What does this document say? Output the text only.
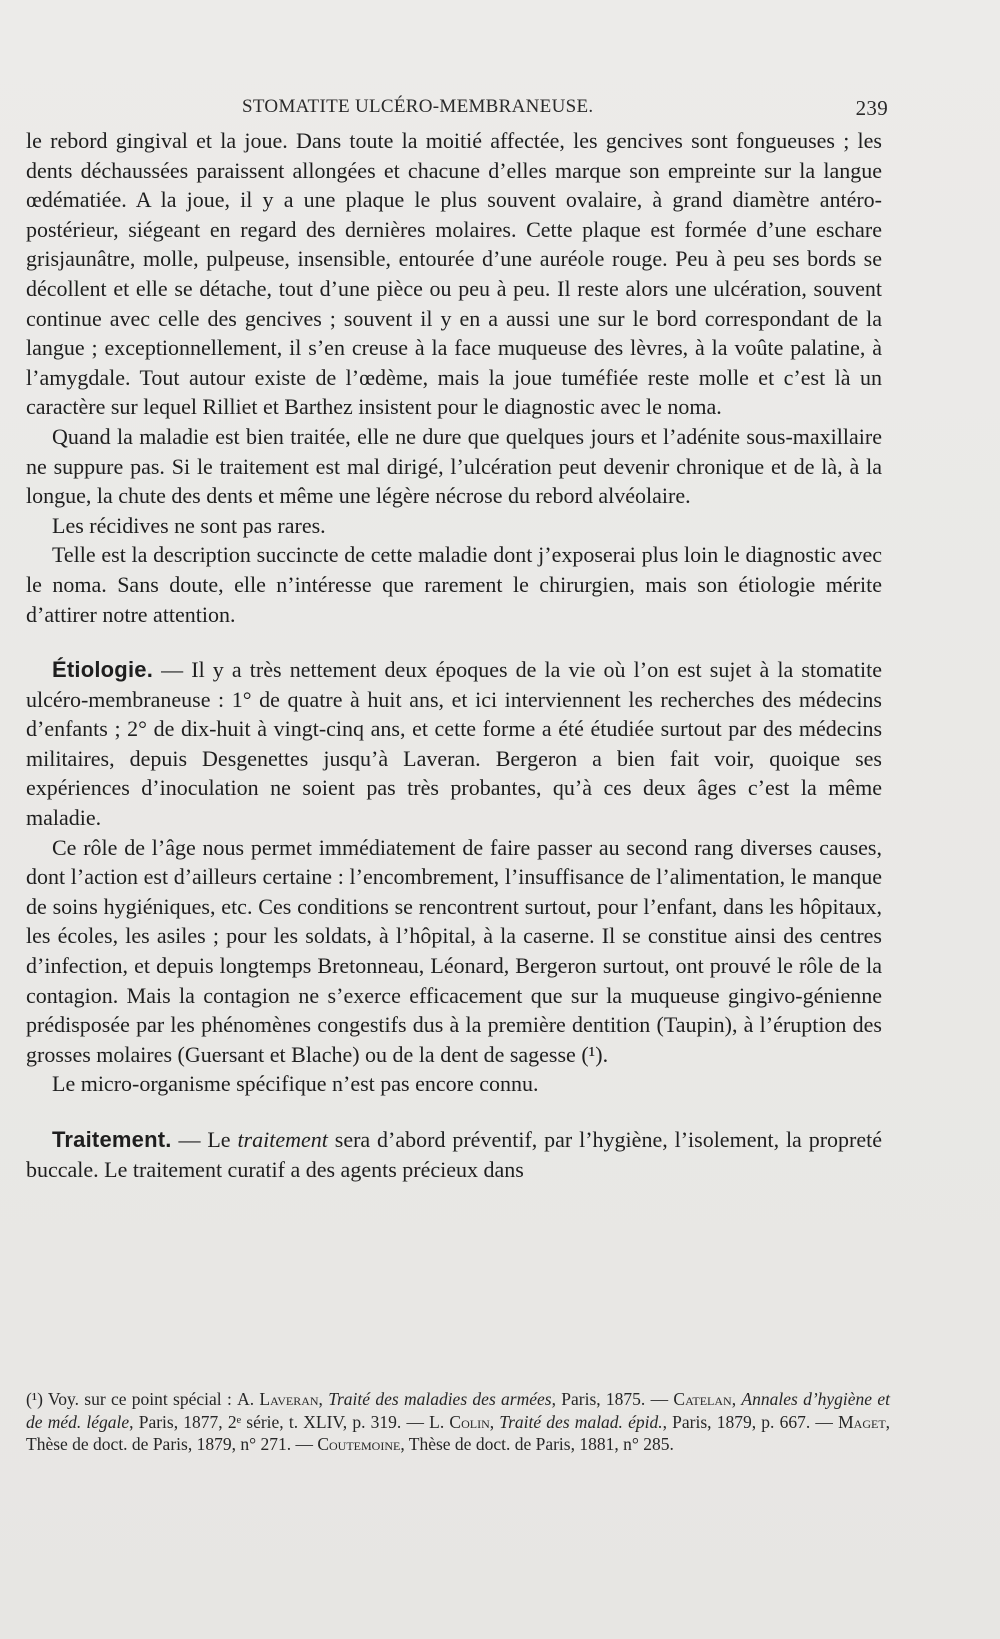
STOMATITE ULCÉRO-MEMBRANEUSE.	239

le rebord gingival et la joue. Dans toute la moitié affectée, les gencives sont fongueuses ; les dents déchaussées paraissent allongées et chacune d’elles marque son empreinte sur la langue œdématiée. A la joue, il y a une plaque le plus souvent ovalaire, à grand diamètre antéro-postérieur, siégeant en regard des dernières molaires. Cette plaque est formée d’une eschare grisjaunâtre, molle, pulpeuse, insensible, entourée d’une auréole rouge. Peu à peu ses bords se décollent et elle se détache, tout d’une pièce ou peu à peu. Il reste alors une ulcération, souvent continue avec celle des gencives ; souvent il y en a aussi une sur le bord correspondant de la langue ; exceptionnellement, il s’en creuse à la face muqueuse des lèvres, à la voûte palatine, à l’amygdale. Tout autour existe de l’œdème, mais la joue tuméfiée reste molle et c’est là un caractère sur lequel Rilliet et Barthez insistent pour le diagnostic avec le noma.

Quand la maladie est bien traitée, elle ne dure que quelques jours et l’adénite sous-maxillaire ne suppure pas. Si le traitement est mal dirigé, l’ulcération peut devenir chronique et de là, à la longue, la chute des dents et même une légère nécrose du rebord alvéolaire.

Les récidives ne sont pas rares.

Telle est la description succincte de cette maladie dont j’exposerai plus loin le diagnostic avec le noma. Sans doute, elle n’intéresse que rarement le chirurgien, mais son étiologie mérite d’attirer notre attention.

Étiologie. — Il y a très nettement deux époques de la vie où l’on est sujet à la stomatite ulcéro-membraneuse : 1° de quatre à huit ans, et ici interviennent les recherches des médecins d’enfants ; 2° de dix-huit à vingt-cinq ans, et cette forme a été étudiée surtout par des médecins militaires, depuis Desgenettes jusqu’à Laveran. Bergeron a bien fait voir, quoique ses expériences d’inoculation ne soient pas très probantes, qu’à ces deux âges c’est la même maladie.

Ce rôle de l’âge nous permet immédiatement de faire passer au second rang diverses causes, dont l’action est d’ailleurs certaine : l’encombrement, l’insuffisance de l’alimentation, le manque de soins hygiéniques, etc. Ces conditions se rencontrent surtout, pour l’enfant, dans les hôpitaux, les écoles, les asiles ; pour les soldats, à l’hôpital, à la caserne. Il se constitue ainsi des centres d’infection, et depuis longtemps Bretonneau, Léonard, Bergeron surtout, ont prouvé le rôle de la contagion. Mais la contagion ne s’exerce efficacement que sur la muqueuse gingivo-génienne prédisposée par les phénomènes congestifs dus à la première dentition (Taupin), à l’éruption des grosses molaires (Guersant et Blache) ou de la dent de sagesse (¹).

Le micro-organisme spécifique n’est pas encore connu.

Traitement. — Le traitement sera d’abord préventif, par l’hygiène, l’isolement, la propreté buccale. Le traitement curatif a des agents précieux dans

(¹) Voy. sur ce point spécial : A. Laveran, Traité des maladies des armées, Paris, 1875. — Catelan, Annales d’hygiène et de méd. légale, Paris, 1877, 2ᵉ série, t. XLIV, p. 319. — L. Colin, Traité des malad. épid., Paris, 1879, p. 667. — Maget, Thèse de doct. de Paris, 1879, n° 271. — Coutemoine, Thèse de doct. de Paris, 1881, n° 285.
